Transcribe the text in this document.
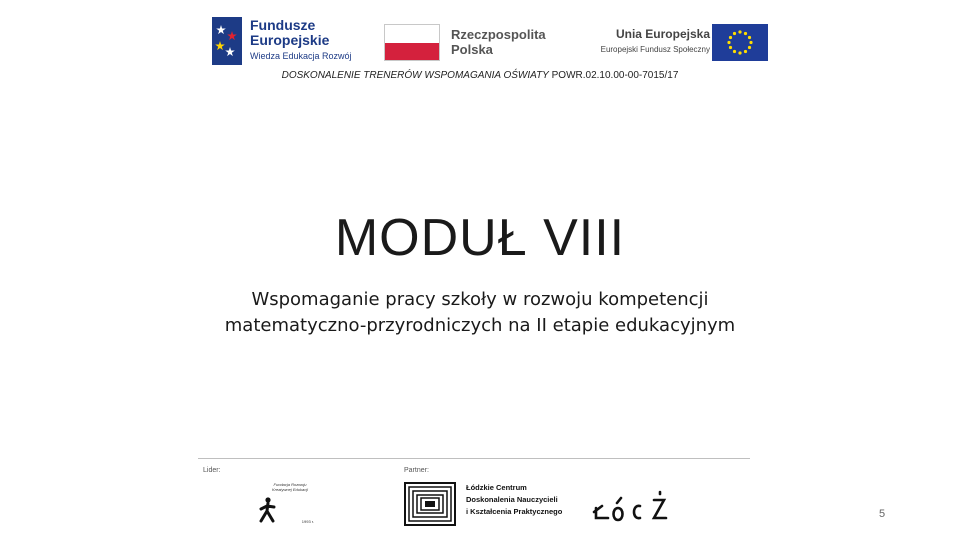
Fundusze
Europejskie
Wiedza Edukacja Rozwój
Rzeczpospolita
Polska
Unia Europejska
Europejski Fundusz Społeczny
DOSKONALENIE TRENERÓW WSPOMAGANIA OŚWIATY POWR.02.10.00-00-7015/17
MODUŁ VIII
Wspomaganie pracy szkoły w rozwoju kompetencji
matematyczno-przyrodniczych na II etapie edukacyjnym
Lider:	Partner:
Fundacja Rozwoju
Kreatywnej Edukacji
1993 r.
Łódzkie Centrum
Doskonalenia Nauczycieli
i Kształcenia Praktycznego	5
